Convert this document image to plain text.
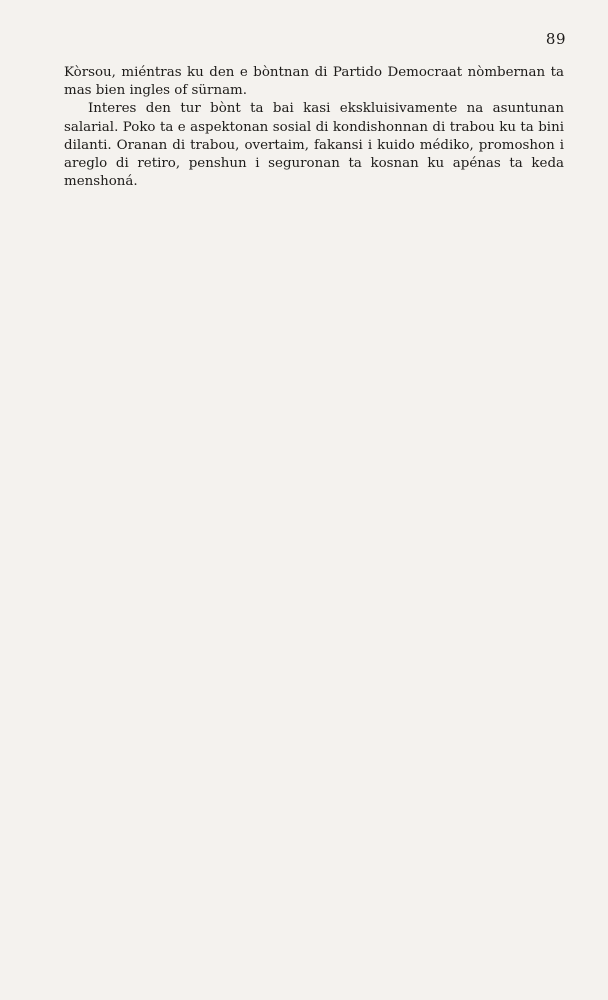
89

Kòrsou, miéntras ku den e bòntnan di Partido Democraat nòmbernan ta mas bien ingles of sürnam.

Interes den tur bònt ta bai kasi ekskluisivamente na asuntunan salarial. Poko ta e aspektonan sosial di kondishonnan di trabou ku ta bini dilanti. Oranan di trabou, overtaim, fakansi i kuido médiko, promoshon i areglo di retiro, penshun i seguronan ta kosnan ku apénas ta keda menshoná.
